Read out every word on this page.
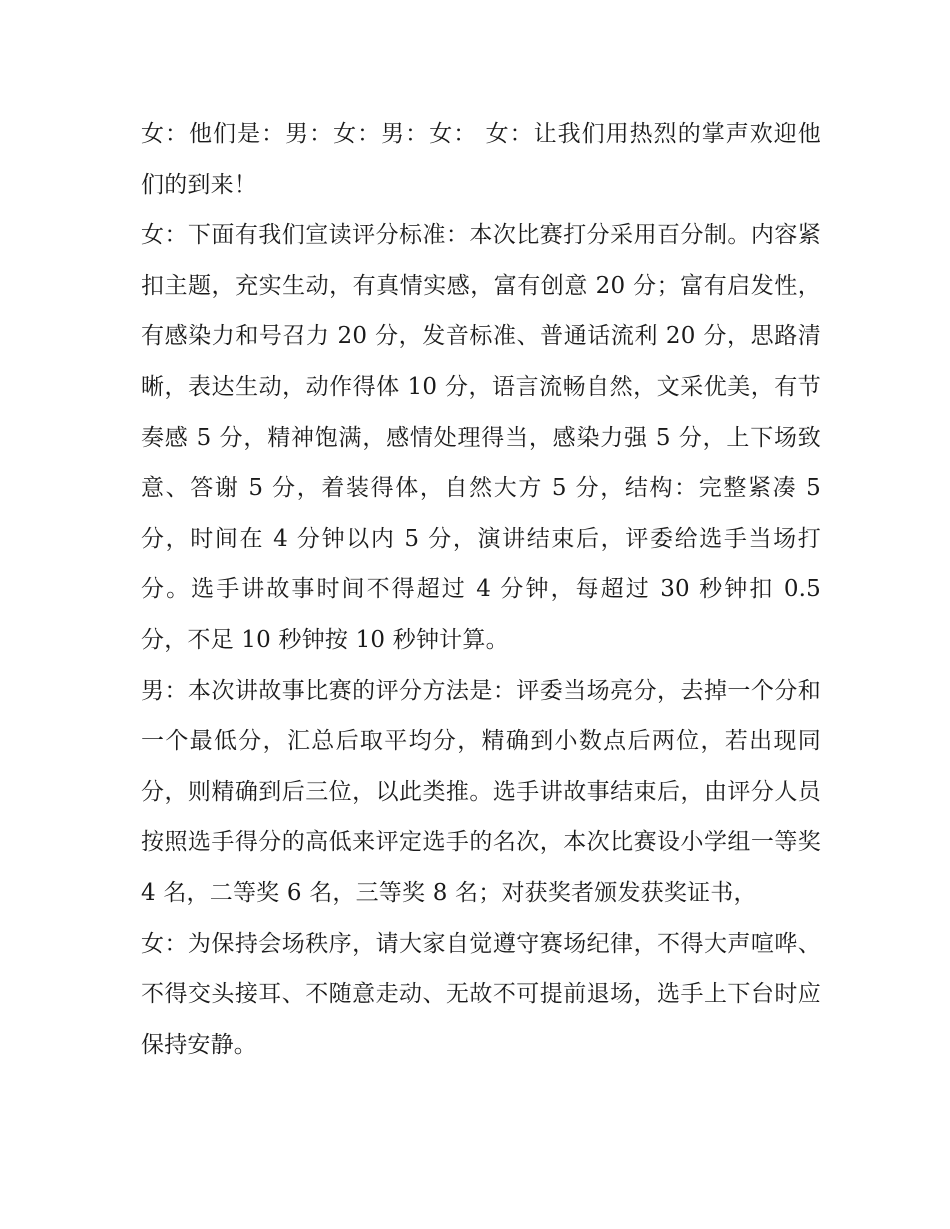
女：他们是：男：女：男：女： 女：让我们用热烈的掌声欢迎他们的到来！

女：下面有我们宣读评分标准：本次比赛打分采用百分制。内容紧扣主题，充实生动，有真情实感，富有创意 20 分；富有启发性，有感染力和号召力 20 分，发音标准、普通话流利 20 分，思路清晰，表达生动，动作得体 10 分，语言流畅自然，文采优美，有节奏感 5 分，精神饱满，感情处理得当，感染力强 5 分，上下场致意、答谢 5 分，着装得体，自然大方 5 分，结构：完整紧凑 5 分，时间在 4 分钟以内 5 分，演讲结束后，评委给选手当场打分。选手讲故事时间不得超过 4 分钟，每超过 30 秒钟扣 0.5 分，不足 10 秒钟按 10 秒钟计算。

男：本次讲故事比赛的评分方法是：评委当场亮分，去掉一个分和一个最低分，汇总后取平均分，精确到小数点后两位，若出现同分，则精确到后三位，以此类推。选手讲故事结束后，由评分人员按照选手得分的高低来评定选手的名次，本次比赛设小学组一等奖 4 名，二等奖 6 名，三等奖 8 名；对获奖者颁发获奖证书，

女：为保持会场秩序，请大家自觉遵守赛场纪律，不得大声喧哗、不得交头接耳、不随意走动、无故不可提前退场，选手上下台时应保持安静。
